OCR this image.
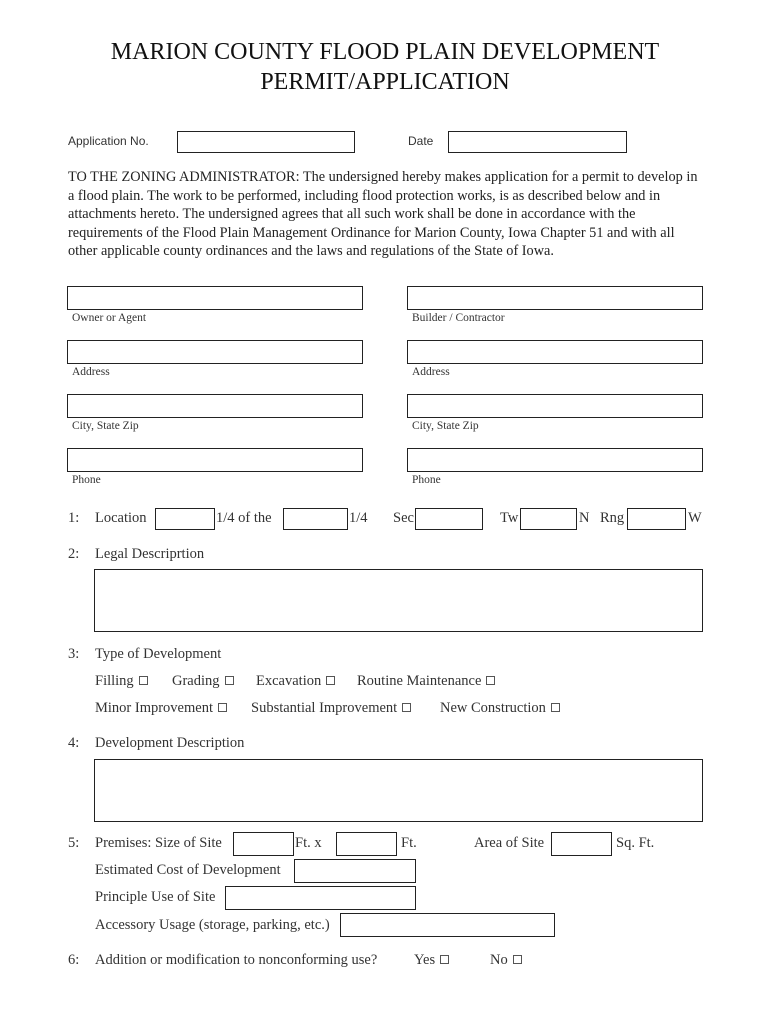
MARION COUNTY FLOOD PLAIN DEVELOPMENT
PERMIT/APPLICATION
Application No.	Date
TO THE ZONING ADMINISTRATOR: The undersigned hereby makes application for a permit to develop in a flood plain. The work to be performed, including flood protection works, is as described below and in attachments hereto. The undersigned agrees that all such work shall be done in accordance with the requirements of the Flood Plain Management Ordinance for Marion County, Iowa Chapter 51 and with all other applicable county ordinances and the laws and regulations of the State of Iowa.
Owner or Agent	Builder / Contractor
Address	Address
City, State Zip	City, State Zip
Phone	Phone
1: Location	1/4 of the	1/4 Sec	Tw	N Rng	W
2: Legal Descriprtion
3: Type of Development
Filling	Grading	Excavation	Routine Maintenance
Minor Improvement	Substantial Improvement	New Construction
4: Development Description
5: Premises: Size of Site	Ft. x	Ft.	Area of Site	Sq. Ft.
Estimated Cost of Development
Principle Use of Site
Accessory Usage (storage, parking, etc.)
6: Addition or modification to nonconforming use?	Yes	No
